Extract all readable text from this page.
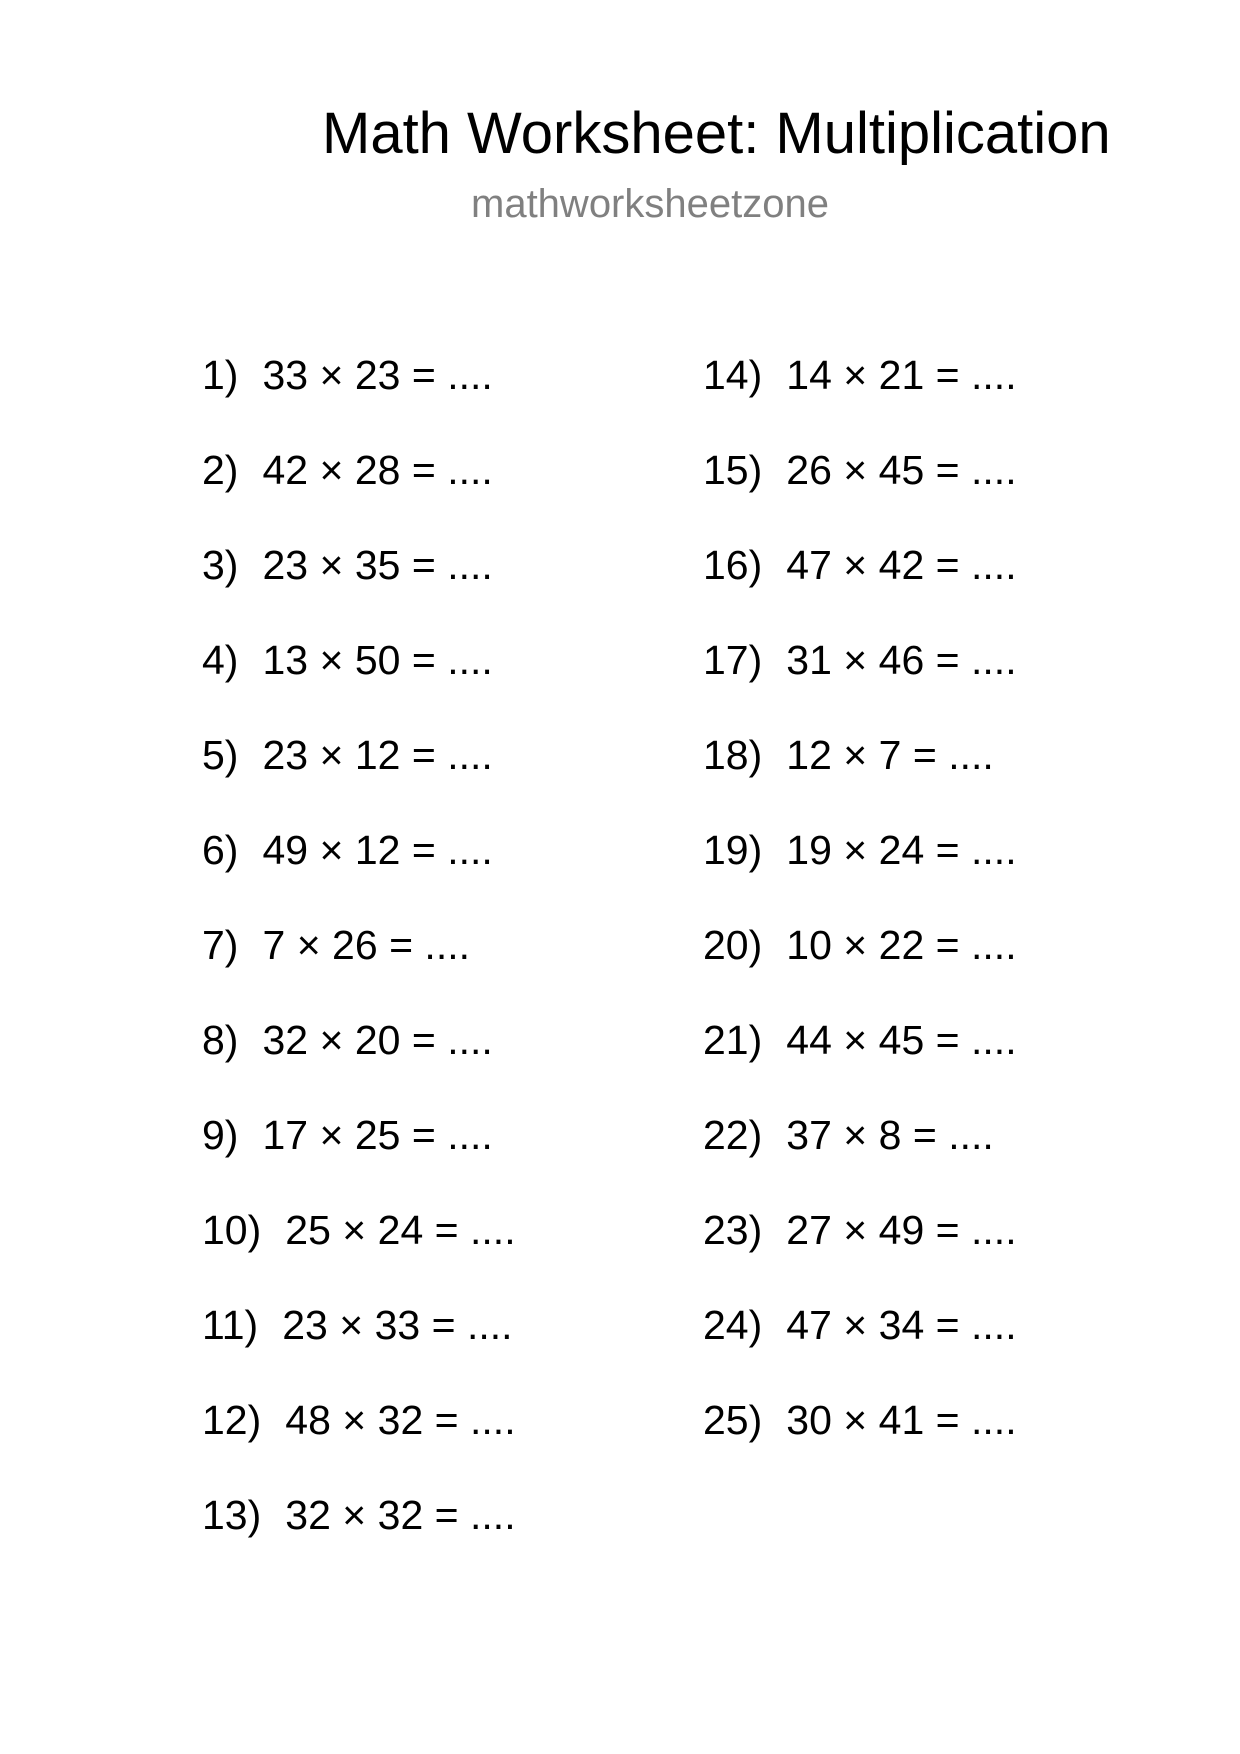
Math Worksheet: Multiplication
mathworksheetzone
1) 33 × 23 = ....
2) 42 × 28 = ....
3) 23 × 35 = ....
4) 13 × 50 = ....
5) 23 × 12 = ....
6) 49 × 12 = ....
7) 7 × 26 = ....
8) 32 × 20 = ....
9) 17 × 25 = ....
10) 25 × 24 = ....
11) 23 × 33 = ....
12) 48 × 32 = ....
13) 32 × 32 = ....
14) 14 × 21 = ....
15) 26 × 45 = ....
16) 47 × 42 = ....
17) 31 × 46 = ....
18) 12 × 7 = ....
19) 19 × 24 = ....
20) 10 × 22 = ....
21) 44 × 45 = ....
22) 37 × 8 = ....
23) 27 × 49 = ....
24) 47 × 34 = ....
25) 30 × 41 = ....
